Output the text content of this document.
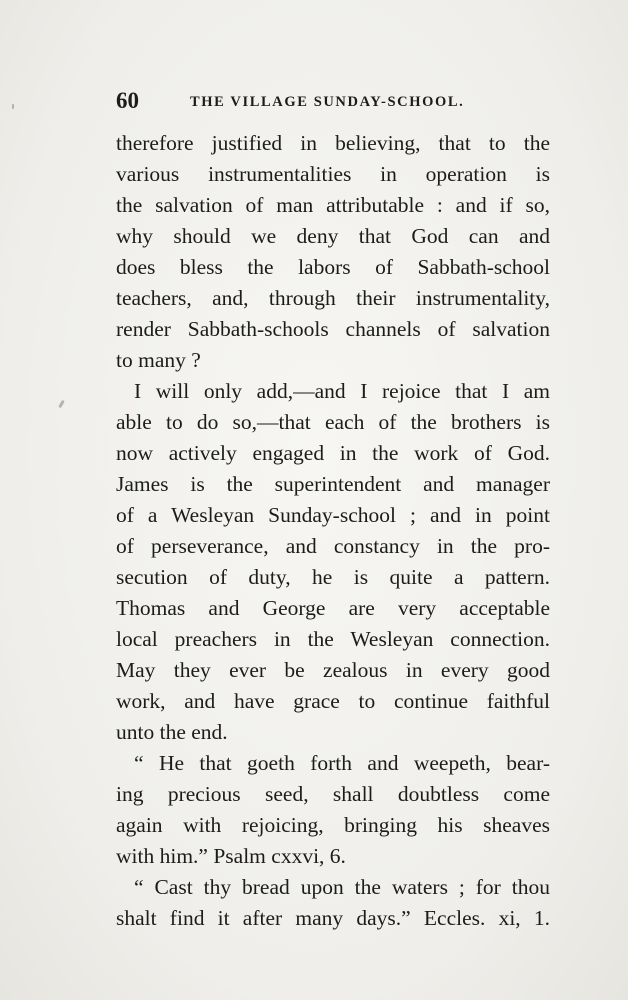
60	THE VILLAGE SUNDAY-SCHOOL.
therefore justified in believing, that to the
various instrumentalities in operation is
the salvation of man attributable : and if so,
why should we deny that God can and
does bless the labors of Sabbath-school
teachers, and, through their instrumentality,
render Sabbath-schools channels of salvation
to many ?
I will only add,—and I rejoice that I am
able to do so,—that each of the brothers is
now actively engaged in the work of God.
James is the superintendent and manager
of a Wesleyan Sunday-school ; and in point
of perseverance, and constancy in the pro-
secution of duty, he is quite a pattern.
Thomas and George are very acceptable
local preachers in the Wesleyan connection.
May they ever be zealous in every good
work, and have grace to continue faithful
unto the end.
“ He that goeth forth and weepeth, bear-
ing precious seed, shall doubtless come
again with rejoicing, bringing his sheaves
with him.” Psalm cxxvi, 6.
“ Cast thy bread upon the waters ; for thou
shalt find it after many days.” Eccles. xi, 1.
